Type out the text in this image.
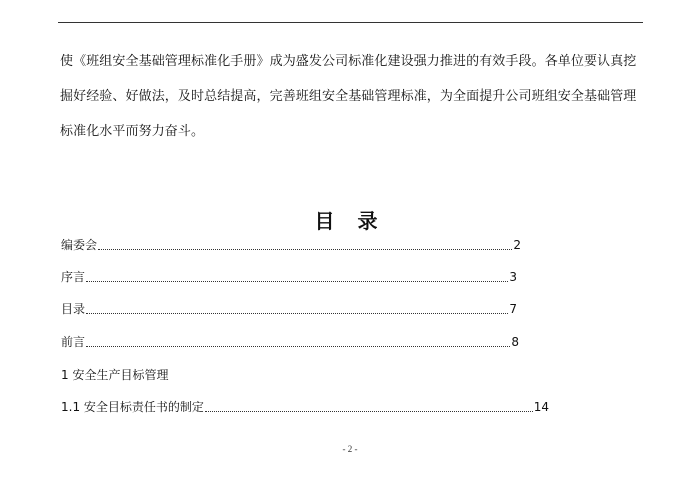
使《班组安全基础管理标准化手册》成为盛发公司标准化建设强力推进的有效手段。各单位要认真挖
掘好经验、好做法，及时总结提高，完善班组安全基础管理标准，为全面提升公司班组安全基础管理
标准化水平而努力奋斗。
目 录
编委会	2
序言	3
目录	7
前言	8
1 安全生产目标管理
1.1 安全目标责任书的制定	14
- 2 -
